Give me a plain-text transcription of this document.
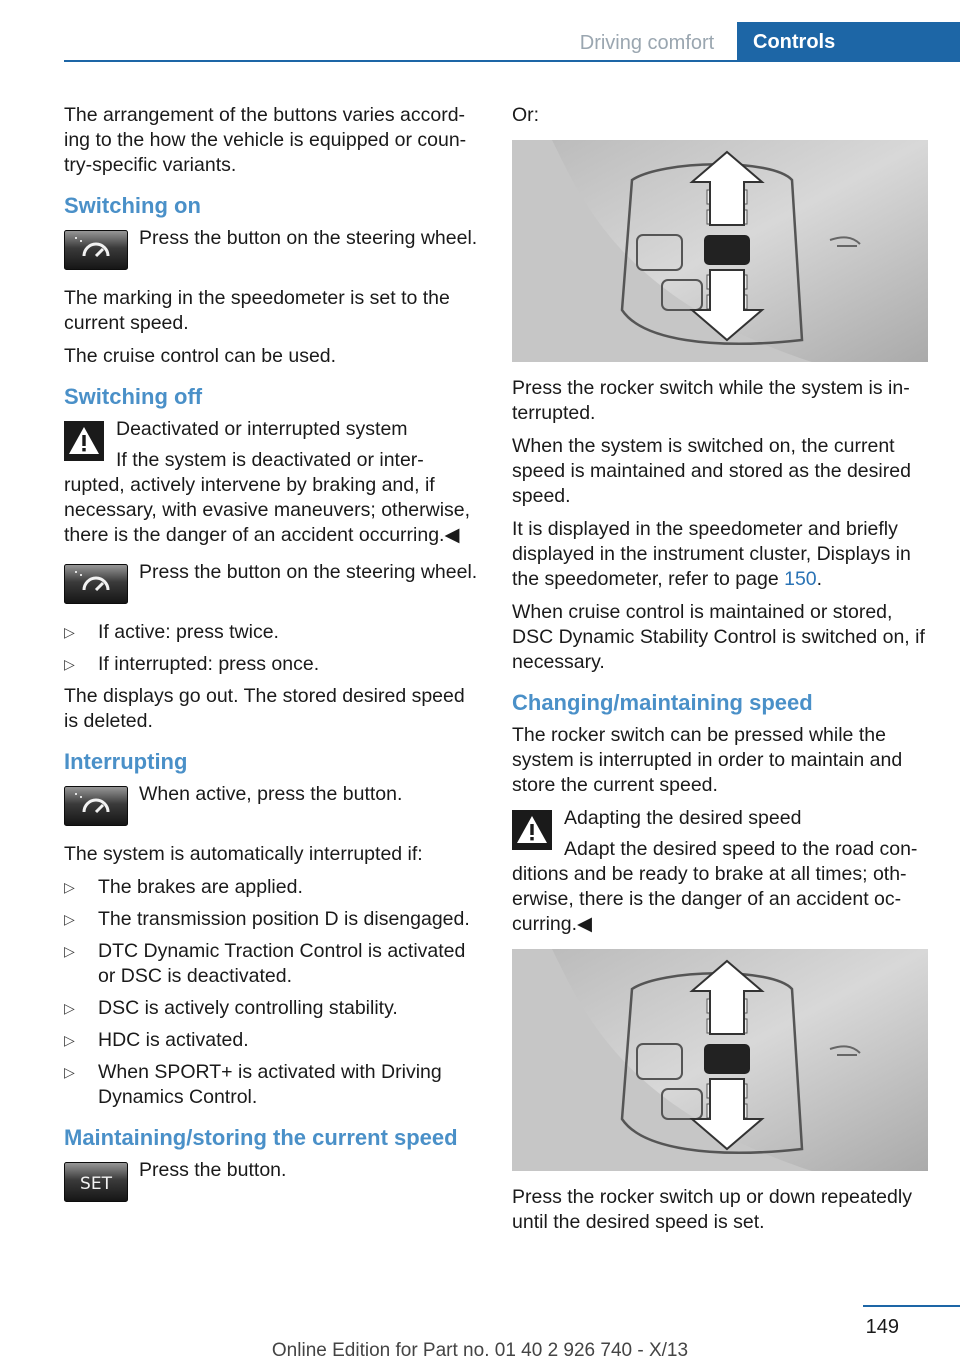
Driving comfort	Controls

The arrangement of the buttons varies accord-ing to the how the vehicle is equipped or coun-try-specific variants.

Switching on
Press the button on the steering wheel.

The marking in the speedometer is set to the current speed.

The cruise control can be used.

Switching off
Deactivated or interrupted system
If the system is deactivated or inter-rupted, actively intervene by braking and, if necessary, with evasive maneuvers; otherwise, there is the danger of an accident occurring.◀
Press the button on the steering wheel.
▷ If active: press twice.
▷ If interrupted: press once.

The displays go out. The stored desired speed is deleted.

Interrupting
When active, press the button.

The system is automatically interrupted if:

▷ The brakes are applied.
▷ The transmission position D is disengaged.
▷ DTC Dynamic Traction Control is activated or DSC is deactivated.
▷ DSC is actively controlling stability.
▷ HDC is activated.
▷ When SPORT+ is activated with Driving Dynamics Control.
Maintaining/storing the current speed
SET
Press the button.

Or:

Press the rocker switch while the system is in-terrupted.

When the system is switched on, the current speed is maintained and stored as the desired speed.

It is displayed in the speedometer and briefly displayed in the instrument cluster, Displays in the speedometer, refer to page 150.

When cruise control is maintained or stored, DSC Dynamic Stability Control is switched on, if necessary.

Changing/maintaining speed

The rocker switch can be pressed while the system is interrupted in order to maintain and store the current speed.

Adapting the desired speed
Adapt the desired speed to the road con-ditions and be ready to brake at all times; oth-erwise, there is the danger of an accident oc-curring.◀

Press the rocker switch up or down repeatedly until the desired speed is set.

149
Online Edition for Part no. 01 40 2 926 740 - X/13
